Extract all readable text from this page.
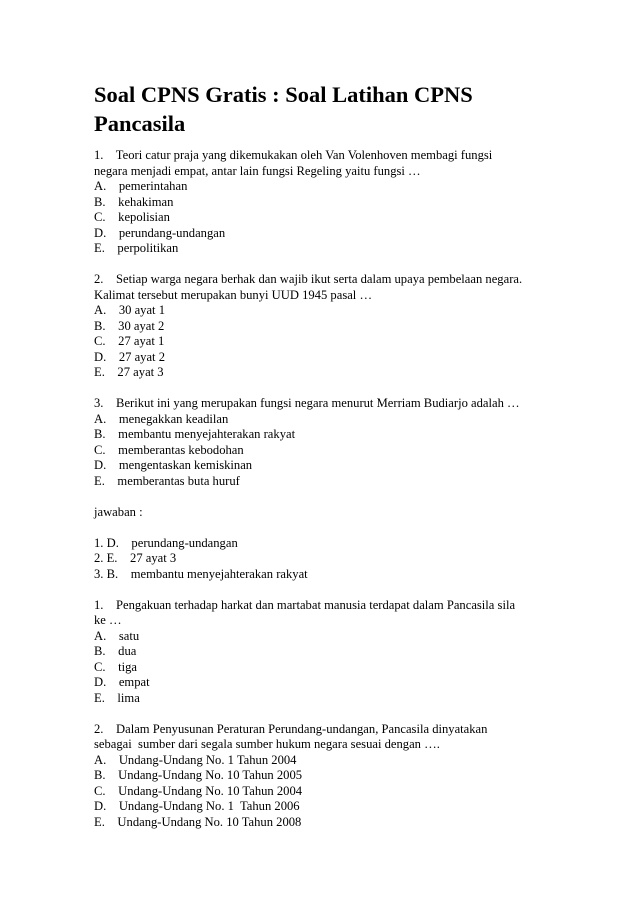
Soal CPNS Gratis : Soal Latihan CPNS
Pancasila
1.    Teori catur praja yang dikemukakan oleh Van Volenhoven membagi fungsi
negara menjadi empat, antar lain fungsi Regeling yaitu fungsi …
A.    pemerintahan
B.    kehakiman
C.    kepolisian
D.    perundang-undangan
E.    perpolitikan
2.    Setiap warga negara berhak dan wajib ikut serta dalam upaya pembelaan negara.
Kalimat tersebut merupakan bunyi UUD 1945 pasal …
A.    30 ayat 1
B.    30 ayat 2
C.    27 ayat 1
D.    27 ayat 2
E.    27 ayat 3
3.    Berikut ini yang merupakan fungsi negara menurut Merriam Budiarjo adalah …
A.    menegakkan keadilan
B.    membantu menyejahterakan rakyat
C.    memberantas kebodohan
D.    mengentaskan kemiskinan
E.    memberantas buta huruf
jawaban :
1. D.    perundang-undangan
2. E.    27 ayat 3
3. B.    membantu menyejahterakan rakyat
1.    Pengakuan terhadap harkat dan martabat manusia terdapat dalam Pancasila sila
ke …
A.    satu
B.    dua
C.    tiga
D.    empat
E.    lima
2.    Dalam Penyusunan Peraturan Perundang-undangan, Pancasila dinyatakan
sebagai  sumber dari segala sumber hukum negara sesuai dengan ….
A.    Undang-Undang No. 1 Tahun 2004
B.    Undang-Undang No. 10 Tahun 2005
C.    Undang-Undang No. 10 Tahun 2004
D.    Undang-Undang No. 1  Tahun 2006
E.    Undang-Undang No. 10 Tahun 2008
